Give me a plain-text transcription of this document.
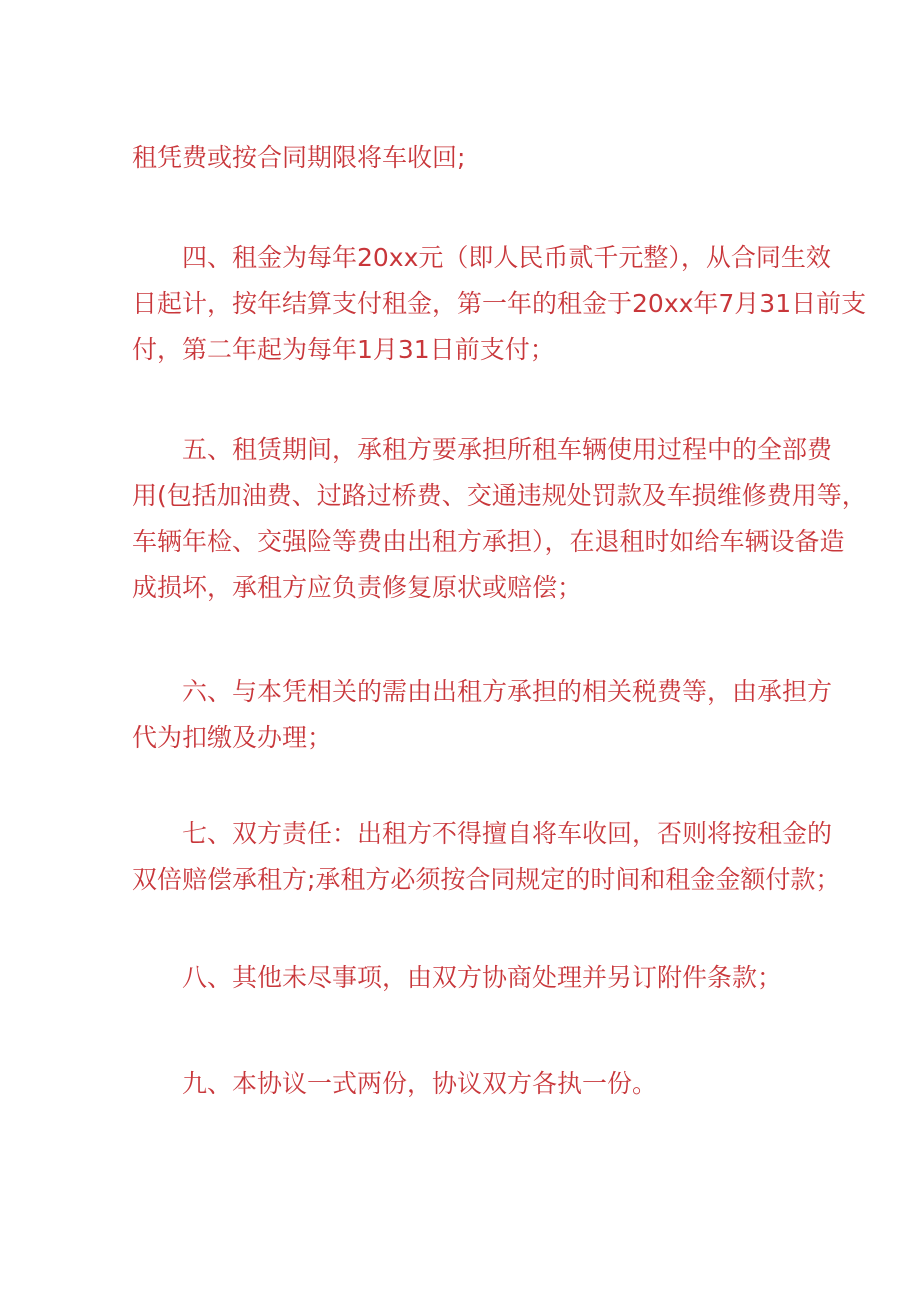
租凭费或按合同期限将车收回;
四、租金为每年20xx元（即人民币贰千元整），从合同生效
日起计，按年结算支付租金，第一年的租金于20xx年7月31日前支
付，第二年起为每年1月31日前支付；
五、租赁期间，承租方要承担所租车辆使用过程中的全部费
用(包括加油费、过路过桥费、交通违规处罚款及车损维修费用等，
车辆年检、交强险等费由出租方承担），在退租时如给车辆设备造
成损坏，承租方应负责修复原状或赔偿；
六、与本凭相关的需由出租方承担的相关税费等，由承担方
代为扣缴及办理；
七、双方责任：出租方不得擅自将车收回，否则将按租金的
双倍赔偿承租方;承租方必须按合同规定的时间和租金金额付款；
八、其他未尽事项，由双方协商处理并另订附件条款；
九、本协议一式两份，协议双方各执一份。
